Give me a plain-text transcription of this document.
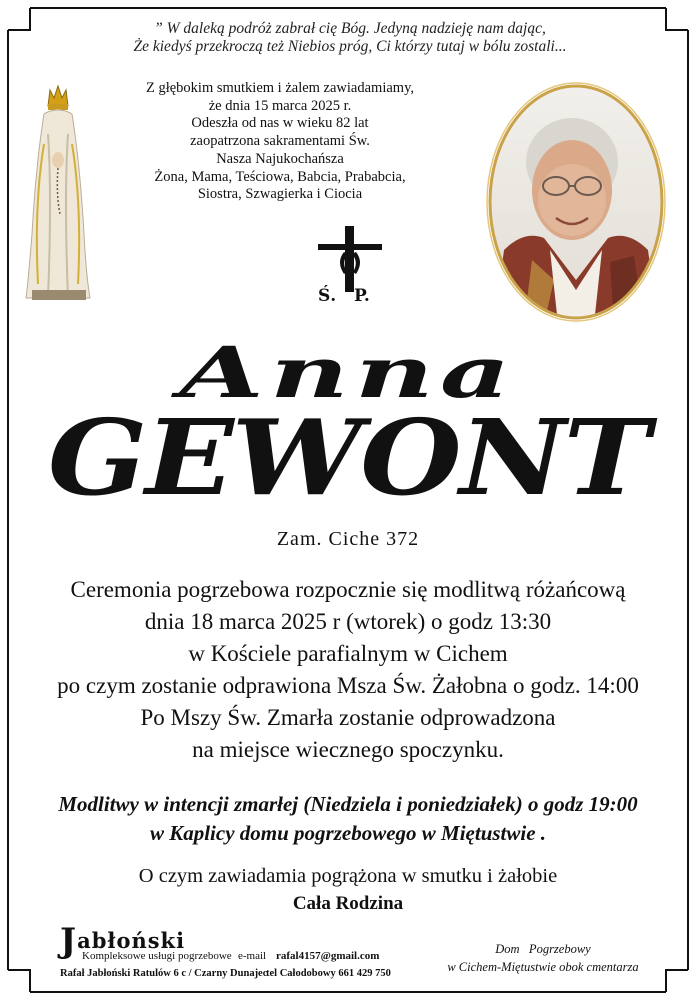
” W daleką podróż zabrał cię Bóg. Jedyną nadzieję nam dając,
Że kiedyś przekroczą też Niebios próg, Ci którzy tutaj w bólu zostali...
Z głębokim smutkiem i żalem zawiadamiamy,
że dnia 15 marca 2025 r.
Odeszła od nas w wieku 82 lat
zaopatrzona sakramentami Św.
Nasza Najukochańsza
Żona, Mama, Teściowa, Babcia, Prababcia,
Siostra, Szwagierka i Ciocia
Ś.   P.
Anna
GEWONT
Zam. Ciche 372
Ceremonia pogrzebowa rozpocznie się modlitwą różańcową
dnia 18 marca 2025 r (wtorek) o godz 13:30
w Kościele parafialnym w Cichem
po czym zostanie odprawiona Msza Św. Żałobna o godz. 14:00
Po Mszy Św. Zmarła zostanie odprowadzona
na miejsce wiecznego spoczynku.
Modlitwy w intencji zmarłej (Niedziela i poniedziałek) o godz 19:00
w Kaplicy domu pogrzebowego w Miętustwie .
O czym zawiadamia pogrążona w smutku i żałobie
Cała Rodzina
Jabłoński
Kompleksowe usługi pogrzebowe e-mail rafal4157@gmail.com
Rafał Jabłoński Ratulów 6 c / Czarny Dunajec
tel Całodobowy 661 429 750
Dom   Pogrzebowy
w Cichem-Miętustwie obok cmentarza
